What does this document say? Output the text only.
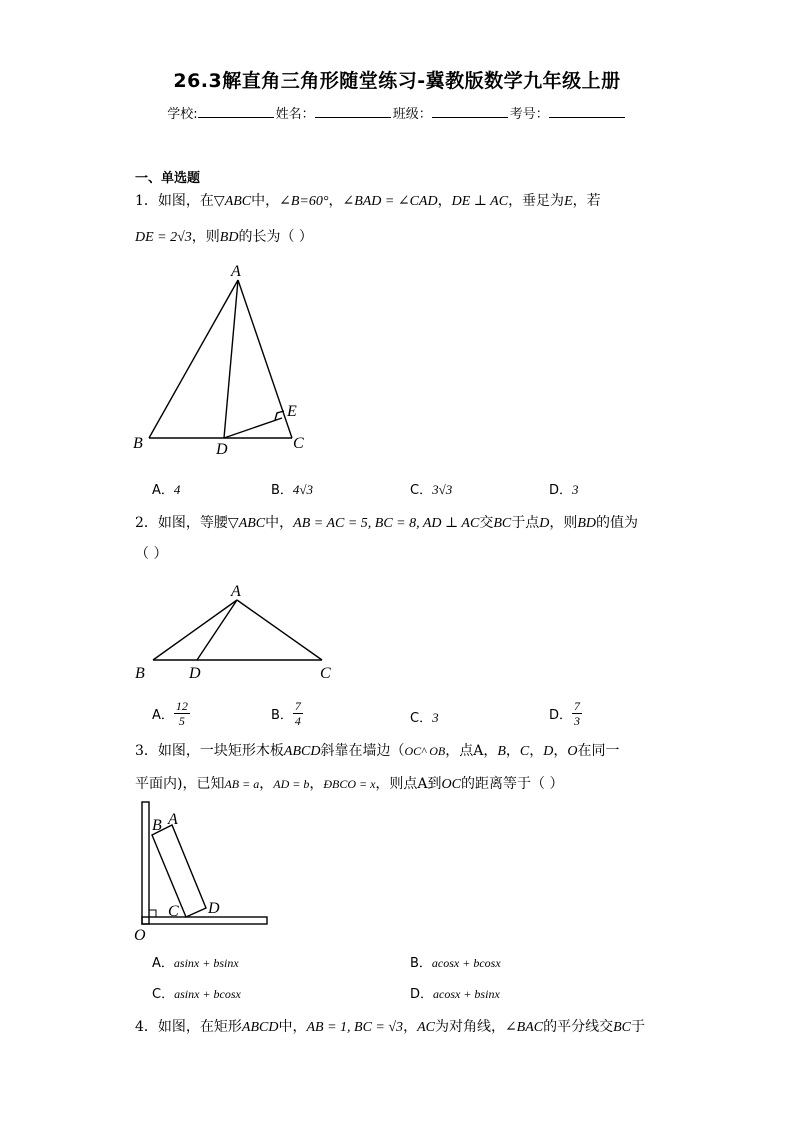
26.3解直角三角形随堂练习-冀教版数学九年级上册
学校:	姓名：	班级：	考号：
一、单选题
1．如图，在▽ABC中，∠B=60°，∠BAD = ∠CAD，DE ⊥ AC，垂足为E，若
DE = 2√3，则BD的长为（ ）
A
B	C
D
E
A．4	B．4√3	C．3√3	D．3
2．如图，等腰▽ABC中，AB = AC = 5, BC = 8, AD ⊥ AC交BC于点D，则BD的值为
（ ）
A
B	C
D
A． $\frac{12}{5}$	B． $\frac{7}{4}$	C．3	D． $\frac{7}{3}$
3．如图，一块矩形木板ABCD斜靠在墙边（OC^ OB，点A，B，C，D，O在同一
平面内)，已知AB = a，AD = b，ÐBCO = x，则点A到OC的距离等于（ ）
B A
C D
O
A．asinx + bsinx	B．acosx + bcosx
C．asinx + bcosx	D．acosx + bsinx
4．如图，在矩形ABCD中，AB = 1, BC = √3，AC为对角线，∠BAC的平分线交BC于
